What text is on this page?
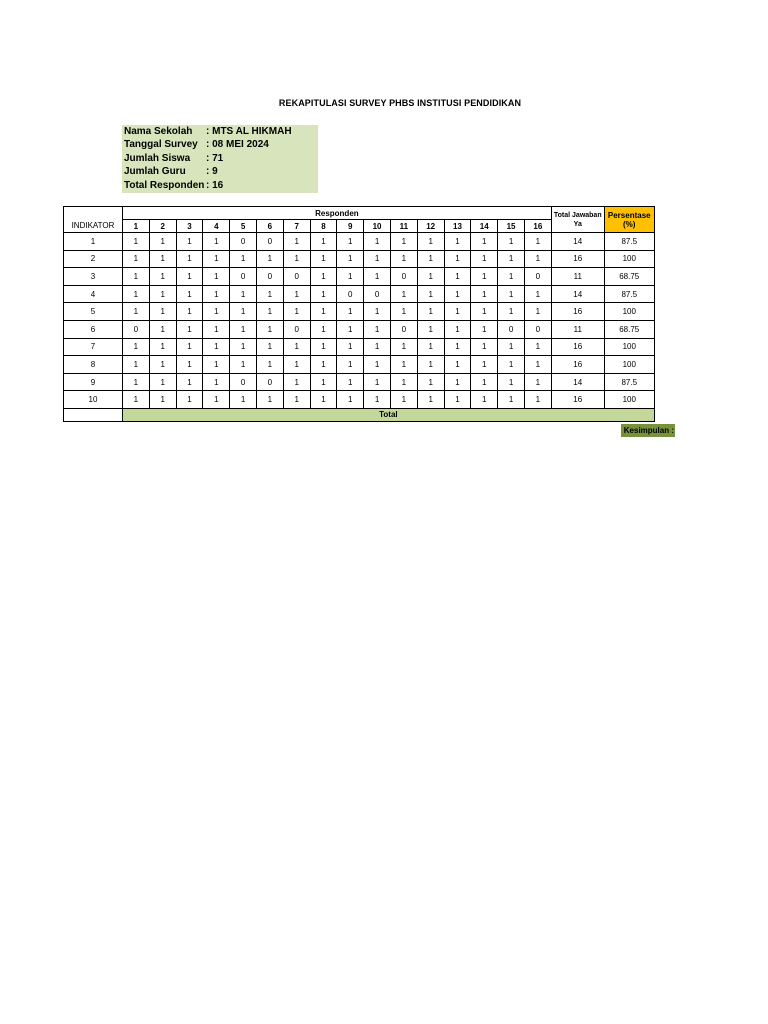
REKAPITULASI SURVEY PHBS INSTITUSI PENDIDIKAN
Nama Sekolah : MTS AL HIKMAH
Tanggal Survey : 08 MEI 2024
Jumlah Siswa : 71
Jumlah Guru : 9
Total Responden : 16
INDIKATOR	Responden																Total Jawaban Ya	Persentase (%)
	1	2	3	4	5	6	7	8	9	10	11	12	13	14	15	16		
1	1	1	1	1	0	0	1	1	1	1	1	1	1	1	1	1	14	87.5
2	1	1	1	1	1	1	1	1	1	1	1	1	1	1	1	1	16	100
3	1	1	1	1	0	0	0	1	1	1	0	1	1	1	1	0	11	68.75
4	1	1	1	1	1	1	1	1	0	0	1	1	1	1	1	1	14	87.5
5	1	1	1	1	1	1	1	1	1	1	1	1	1	1	1	1	16	100
6	0	1	1	1	1	1	0	1	1	1	0	1	1	1	0	0	11	68.75
7	1	1	1	1	1	1	1	1	1	1	1	1	1	1	1	1	16	100
8	1	1	1	1	1	1	1	1	1	1	1	1	1	1	1	1	16	100
9	1	1	1	1	0	0	1	1	1	1	1	1	1	1	1	1	14	87.5
10	1	1	1	1	1	1	1	1	1	1	1	1	1	1	1	1	16	100
	Total																	
Kesimpulan :
